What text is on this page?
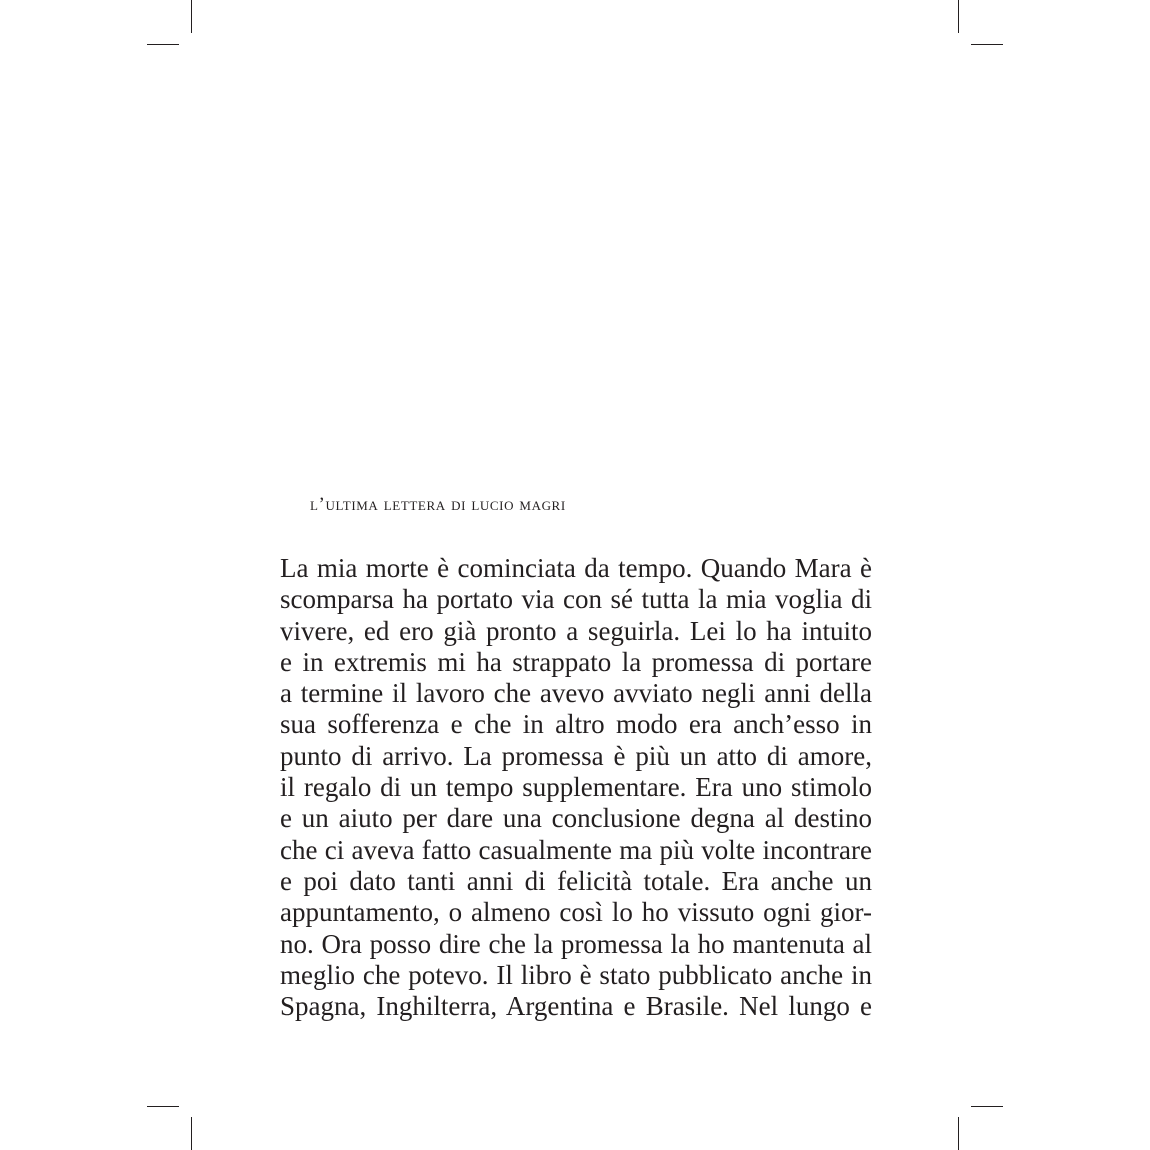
l’ultima lettera di lucio magri
La mia morte è cominciata da tempo. Quando Mara è
scomparsa ha portato via con sé tutta la mia voglia di
vivere, ed ero già pronto a seguirla. Lei lo ha intuito
e in extremis mi ha strappato la promessa di portare
a termine il lavoro che avevo avviato negli anni della
sua sofferenza e che in altro modo era anch’esso in
punto di arrivo. La promessa è più un atto di amore,
il regalo di un tempo supplementare. Era uno stimolo
e un aiuto per dare una conclusione degna al destino
che ci aveva fatto casualmente ma più volte incontrare
e poi dato tanti anni di felicità totale. Era anche un
appuntamento, o almeno così lo ho vissuto ogni gior-
no. Ora posso dire che la promessa la ho mantenuta al
meglio che potevo. Il libro è stato pubblicato anche in
Spagna, Inghilterra, Argentina e Brasile. Nel lungo e
